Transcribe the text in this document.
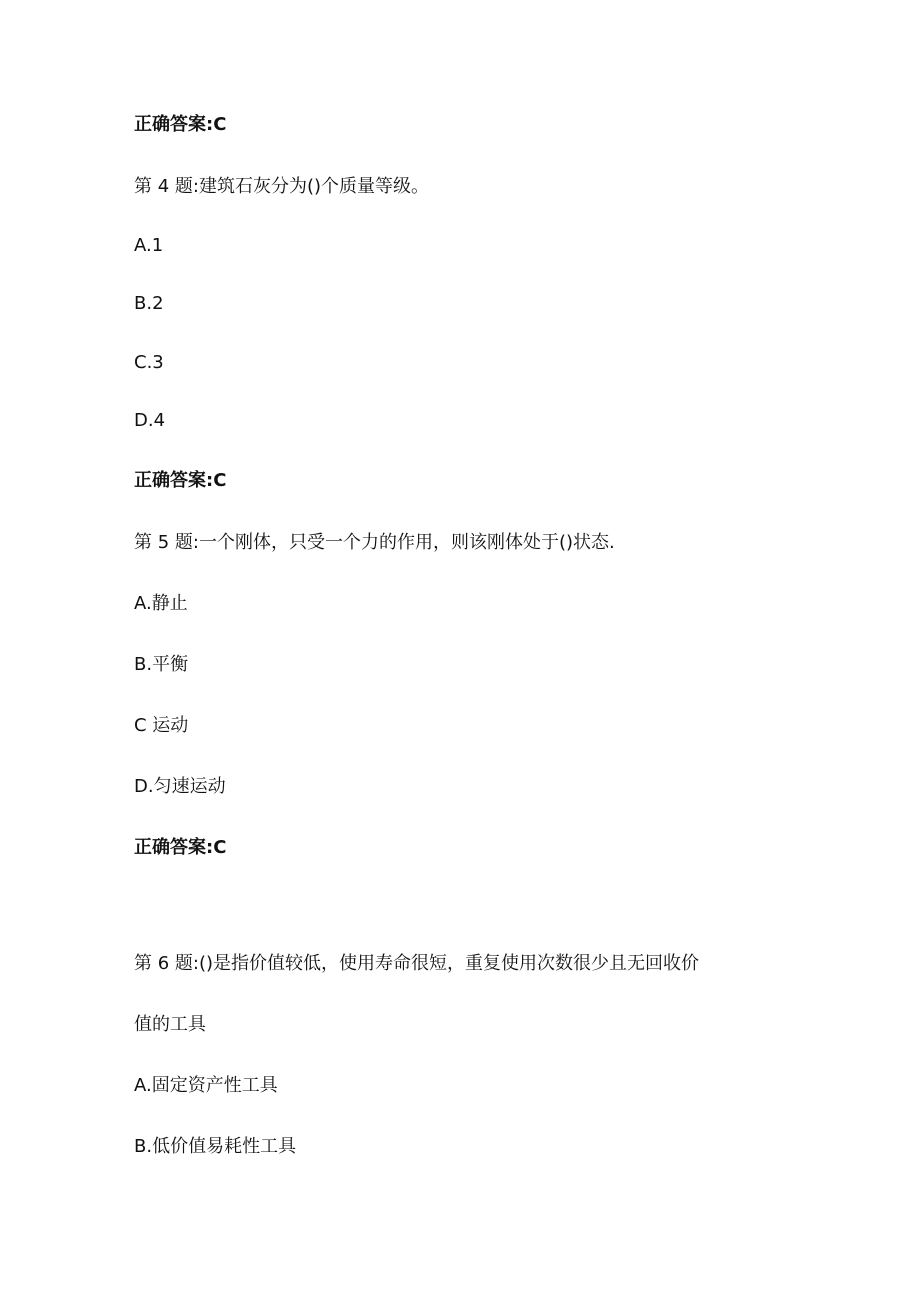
正确答案:C

第 4 题:建筑石灰分为()个质量等级。

A.1

B.2

C.3

D.4

正确答案:C

第 5 题:一个刚体，只受一个力的作用，则该刚体处于()状态.

A.静止

B.平衡

C 运动

D.匀速运动

正确答案:C

第 6 题:()是指价值较低，使用寿命很短，重复使用次数很少且无回收价

值的工具

A.固定资产性工具

B.低价值易耗性工具
